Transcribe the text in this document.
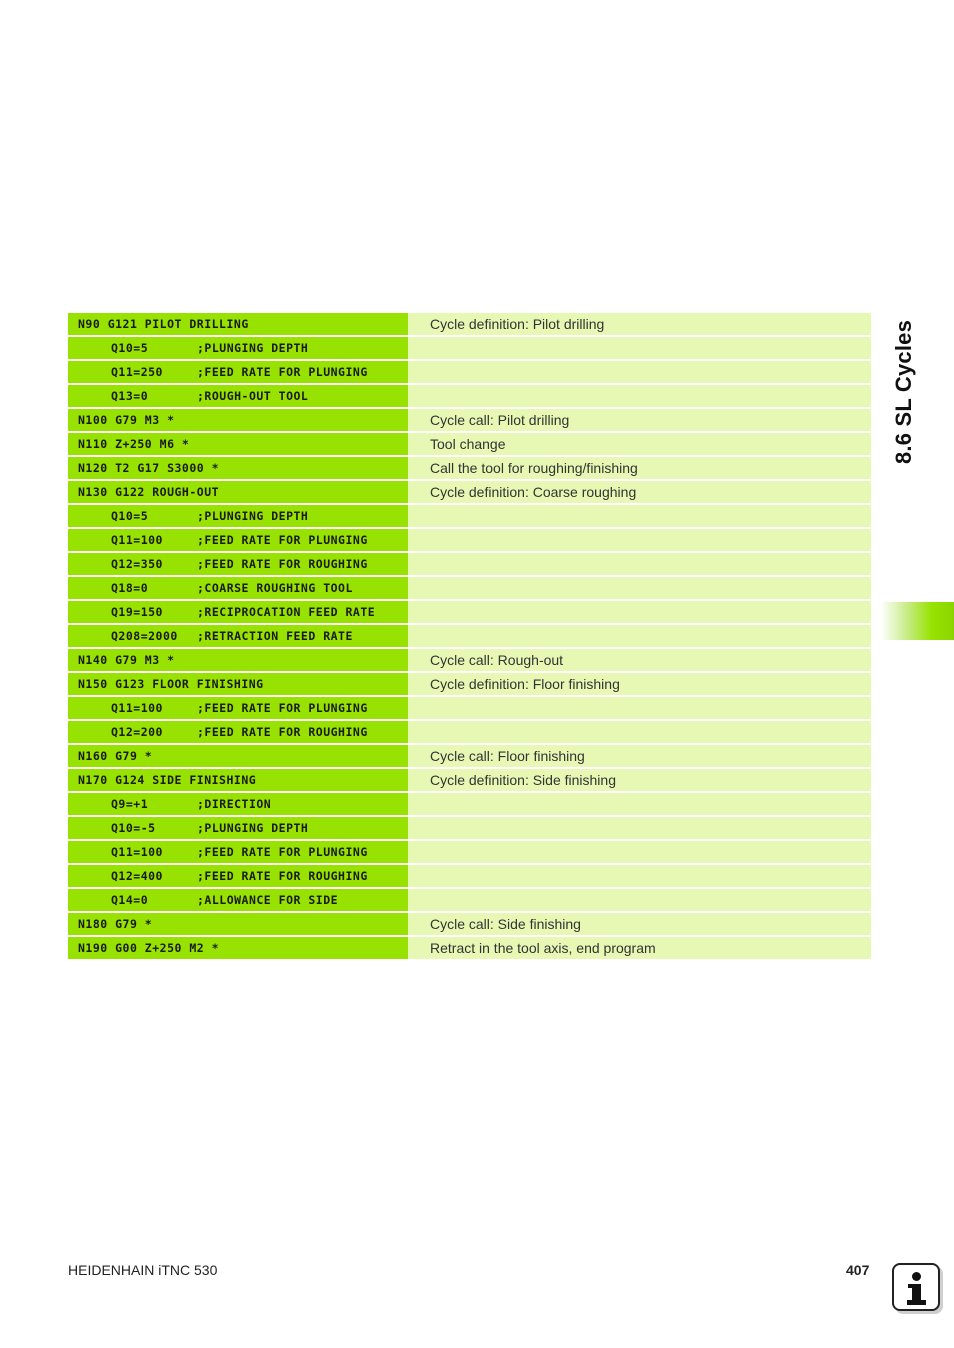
N90 G121 PILOT DRILLING	Cycle definition: Pilot drilling
Q10=5	;PLUNGING DEPTH
Q11=250	;FEED RATE FOR PLUNGING
Q13=0	;ROUGH-OUT TOOL
N100 G79 M3 *	Cycle call: Pilot drilling
N110 Z+250 M6 *	Tool change
N120 T2 G17 S3000 *	Call the tool for roughing/finishing
N130 G122 ROUGH-OUT	Cycle definition: Coarse roughing
Q10=5	;PLUNGING DEPTH
Q11=100	;FEED RATE FOR PLUNGING
Q12=350	;FEED RATE FOR ROUGHING
Q18=0	;COARSE ROUGHING TOOL
Q19=150	;RECIPROCATION FEED RATE
Q208=2000 ;RETRACTION FEED RATE
N140 G79 M3 *	Cycle call: Rough-out
N150 G123 FLOOR FINISHING	Cycle definition: Floor finishing
Q11=100	;FEED RATE FOR PLUNGING
Q12=200	;FEED RATE FOR ROUGHING
N160 G79 *	Cycle call: Floor finishing
N170 G124 SIDE FINISHING	Cycle definition: Side finishing
Q9=+1	;DIRECTION
Q10=-5	;PLUNGING DEPTH
Q11=100	;FEED RATE FOR PLUNGING
Q12=400	;FEED RATE FOR ROUGHING
Q14=0	;ALLOWANCE FOR SIDE
N180 G79 *	Cycle call: Side finishing
N190 G00 Z+250 M2 *	Retract in the tool axis, end program
8.6 SL Cycles
HEIDENHAIN iTNC 530	407
